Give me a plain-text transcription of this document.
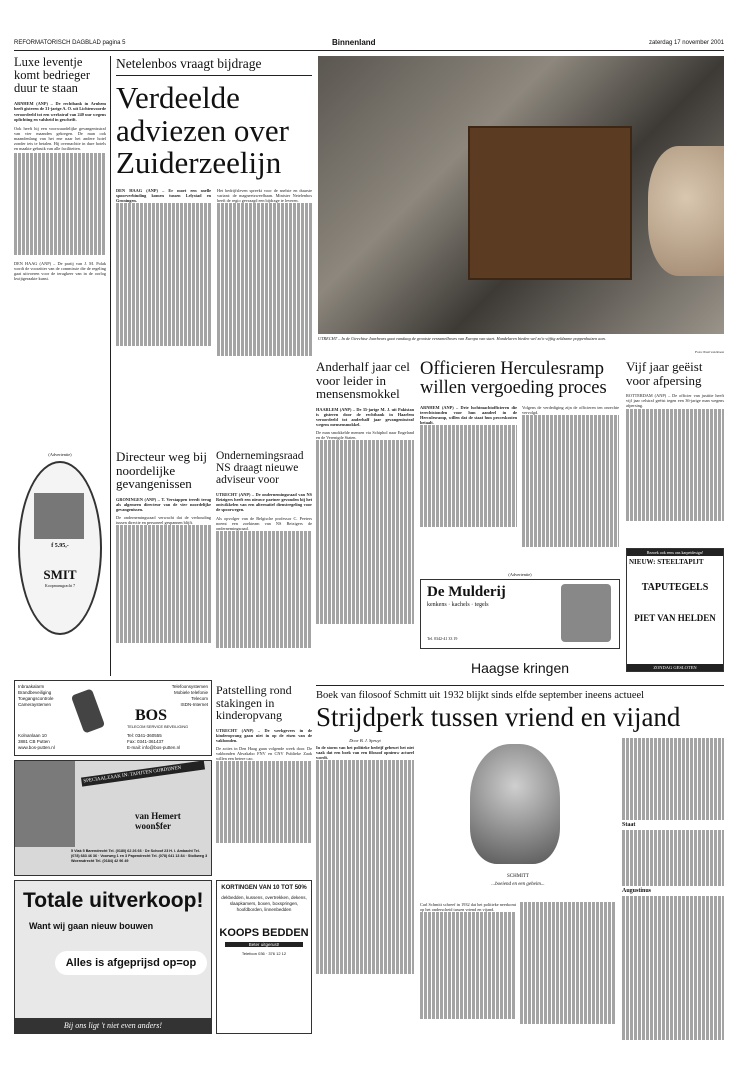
REFORMATORISCH DAGBLAD pagina 5	Binnenland	zaterdag 17 november 2001
Luxe leventje komt bedrieger duur te staan
ARNHEM (ANP) – De rechtbank in Arnhem heeft gisteren de 31-jarige A. O. uit Lichtenvoorde veroordeeld tot een werkstraf van 240 uur wegens oplichting en valsheid in geschrift.
Ook heeft hij een voorwaardelijke gevangenisstraf van vier maanden gekregen. De man ook maandenlang van het ene naar het andere hotel zonder iets te betalen. Hij overnachtte in dure hotels en maakte gebruik van alle faciliteiten.
DEN HAAG (ANP) – De partij van J. M. Polak wordt de voorzitter van de commissie die de regeling gaat uitvoeren voor de terugkeer van in de oorlog kwijtgeraakte kunst.
(Advertentie)
SMIT
Koopmansgracht 7
f 5.95,-
Netelenbos vraagt bijdrage
Verdeelde adviezen over Zuiderzeelijn
DEN HAAG (ANP) – Er moet een snelle spoorverbinding komen tussen Lelystad en Groningen.
Het bedrijfsleven spreekt voor de snelste en duurste variant: de magneetzweefbaan. Minister Netelenbos heeft de regio gevraagd een bijdrage te leveren.
UTRECHT – In de Utrechtse Jaarbeurs gaat vandaag de grootste verzamelbeurs van Europa van start. Handelaren bieden wel zo'n vijftig zeldzame poppenhuizen aan.
Foto: Paul van Roon
Anderhalf jaar cel voor leider in mensensmokkel
HAARLEM (ANP) – De 35-jarige M. J. uit Pakistan is gisteren door de rechtbank in Haarlem veroordeeld tot anderhalf jaar gevangenisstraf wegens mensensmokkel.
De man smokkelde mensen via Schiphol naar Engeland en de Verenigde Staten.
Officieren Herculesramp willen vergoeding proces
ARNHEM (ANP) – Drie luchtmachtofficieren die terechtstonden voor hun aandeel in de Herculesramp, willen dat de staat hun proceskosten betaalt.
Volgens de verdediging zijn de officieren ten onrechte vervolgd.
(Advertentie)
De Mulderij
kenkens · kachels · tegels
Tel. 0342-41 33 19
Vijf jaar geëist voor afpersing
ROTTERDAM (ANP) – De officier van justitie heeft vijf jaar celstraf geëist tegen een 36-jarige man wegens afpersing.
Bezoek ook eens ons karpetdesign!
NIEUW: STEELTAPIJT
TAPUTEGELS
PIET VAN HELDEN
ZONDAG GESLOTEN
Haagse kringen
Directeur weg bij noordelijke gevangenissen
GRONINGEN (ANP) – T. Verstappen treedt terug als algemeen directeur van de vier noordelijke gevangenissen.
De ondernemingsraad verwacht dat de verhouding tussen directie en personeel gespannen blijft.
Ondernemingsraad NS draagt nieuwe adviseur voor
UTRECHT (ANP) – De ondernemingsraad van NS Reizigers heeft een nieuwe partner gevonden bij het ontwikkelen van een alternatief dienstregeling voor de spoorwegen.
Als opvolger van de Belgische professor C. Peeters noemt een zoekteam van NS Reizigers de ondernemingsraad.
Inbraakalarm
Brandbeveiliging
Toegangscontrole
Cameraystemen
Telefoonsystemen
Mobiele telefonie
Telecom
ISDN-Internet
BOS
TELECOM SERVICE BEVEILIGING
Kolnanlaan 10
3881 CB Putten
www.bos-putten.nl
Tel: 0341-360555
Fax: 0341-361437
E-mail: info@bos-putten.nl
SPECIAALZAAK IN: TAPIJTEN GORDIJNEN
van Hemert woon$fer
5 Vlak 5 Barendrecht Tel. (0180) 62 26 66 · De Schoof 23 H. I. Ambacht Tel. (078) 683 46 36 · Voorweg 1 en 3 Papendrecht Tel. (078) 641 13 84 · Stolkweg 3 Woensdrecht Tel. (0184) 42 96 49
Totale uitverkoop!
Want wij gaan nieuw bouwen
Alles is afgeprijsd op=op
Bij ons ligt 't niet even anders!
KORTINGEN VAN 10 TOT 50%
dekbedden, kussens, overtrekken, dekens, slaapkamers, boxen, boxspringen, hoofdborden, linnenbedden
KOOPS BEDDEN
Beter uitgerust!
Telefoon 036 · 376 12 12
Patstelling rond stakingen in kinderopvang
UTRECHT (ANP) – De werkgevers in de kinderopvang gaan niet in op de eisen van de vakbonden.
De acties in Den Haag gaan volgende week door. De vakbonden Abvakabo FNV en CNV Publieke Zaak willen een betere cao.
Boek van filosoof Schmitt uit 1932 blijkt sinds elfde september ineens actueel
Strijdperk tussen vriend en vijand
Door B. J. Spruyt
In de storm van het politieke bedrijf gebeurt het niet vaak dat een boek van een filosoof opnieuw actueel wordt.
SCHMITT
...boeiend en een geheim...
Carl Schmitt schreef in 1932 dat het politieke neerkomt op het onderscheid tussen vriend en vijand.
Staat
Augustinus
